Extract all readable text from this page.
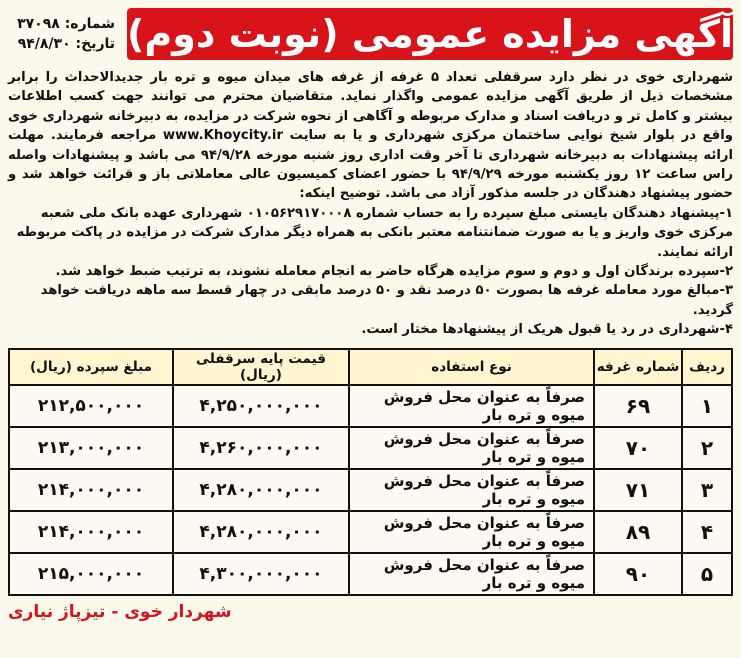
آگهی مزایده عمومی (نوبت دوم)
شماره: ۳۷۰۹۸
تاریخ: ۹۴/۸/۳۰

شهرداری خوی در نظر دارد سرقفلی تعداد ۵ غرفه از غرفه های میدان میوه و تره بار جدیدالاحداث را برابر مشخصات ذیل از طریق آگهی مزایده عمومی واگذار نماید. متقاضیان محترم می توانند جهت کسب اطلاعات بیشتر و کامل تر و دریافت اسناد و مدارک مربوطه و آگاهی از نحوه شرکت در مزایده، به دبیرخانه شهرداری خوی واقع در بلوار شیخ نوایی ساختمان مرکزی شهرداری و یا به سایت www.Khoycity.ir مراجعه فرمایند. مهلت ارائه پیشنهادات به دبیرخانه شهرداری تا آخر وقت اداری روز شنبه مورخه ۹۴/۹/۲۸ می باشد و پیشنهادات واصله راس ساعت ۱۲ روز یکشنبه مورخه ۹۴/۹/۲۹ با حضور اعضای کمیسیون عالی معاملاتی باز و قرائت خواهد شد و حضور پیشنهاد دهندگان در جلسه مذکور آزاد می باشد. توضیح اینکه:

۱-پیشنهاد دهندگان بایستی مبلغ سپرده را به حساب شماره ۰۱۰۵۶۲۹۱۷۰۰۰۸ شهرداری عهده بانک ملی شعبه مرکزی خوی واریز و یا به صورت ضمانتنامه معتبر بانکی به همراه دیگر مدارک شرکت در مزایده در پاکت مربوطه ارائه نمایند.

۲-سپرده برندگان اول و دوم و سوم مزایده هرگاه حاضر به انجام معامله نشوند، به ترتیب ضبط خواهد شد.

۳-مبالغ مورد معامله غرفه ها بصورت ۵۰ درصد نقد و ۵۰ درصد مابقی در چهار قسط سه ماهه دریافت خواهد گردید.

۴-شهرداری در رد یا قبول هریک از پیشنهادها مختار است.

ردیف	شماره غرفه	نوع استفاده	قیمت پایه سرقفلی (ریال)	مبلغ سپرده (ریال)
۱	۶۹	صرفاً به عنوان محل فروش میوه و تره بار	۴,۲۵۰,۰۰۰,۰۰۰	۲۱۲,۵۰۰,۰۰۰
۲	۷۰	صرفاً به عنوان محل فروش میوه و تره بار	۴,۲۶۰,۰۰۰,۰۰۰	۲۱۳,۰۰۰,۰۰۰
۳	۷۱	صرفاً به عنوان محل فروش میوه و تره بار	۴,۲۸۰,۰۰۰,۰۰۰	۲۱۴,۰۰۰,۰۰۰
۴	۸۹	صرفاً به عنوان محل فروش میوه و تره بار	۴,۲۸۰,۰۰۰,۰۰۰	۲۱۴,۰۰۰,۰۰۰
۵	۹۰	صرفاً به عنوان محل فروش میوه و تره بار	۴,۳۰۰,۰۰۰,۰۰۰	۲۱۵,۰۰۰,۰۰۰
شهردار خوی - تیزپاژ نیاری
